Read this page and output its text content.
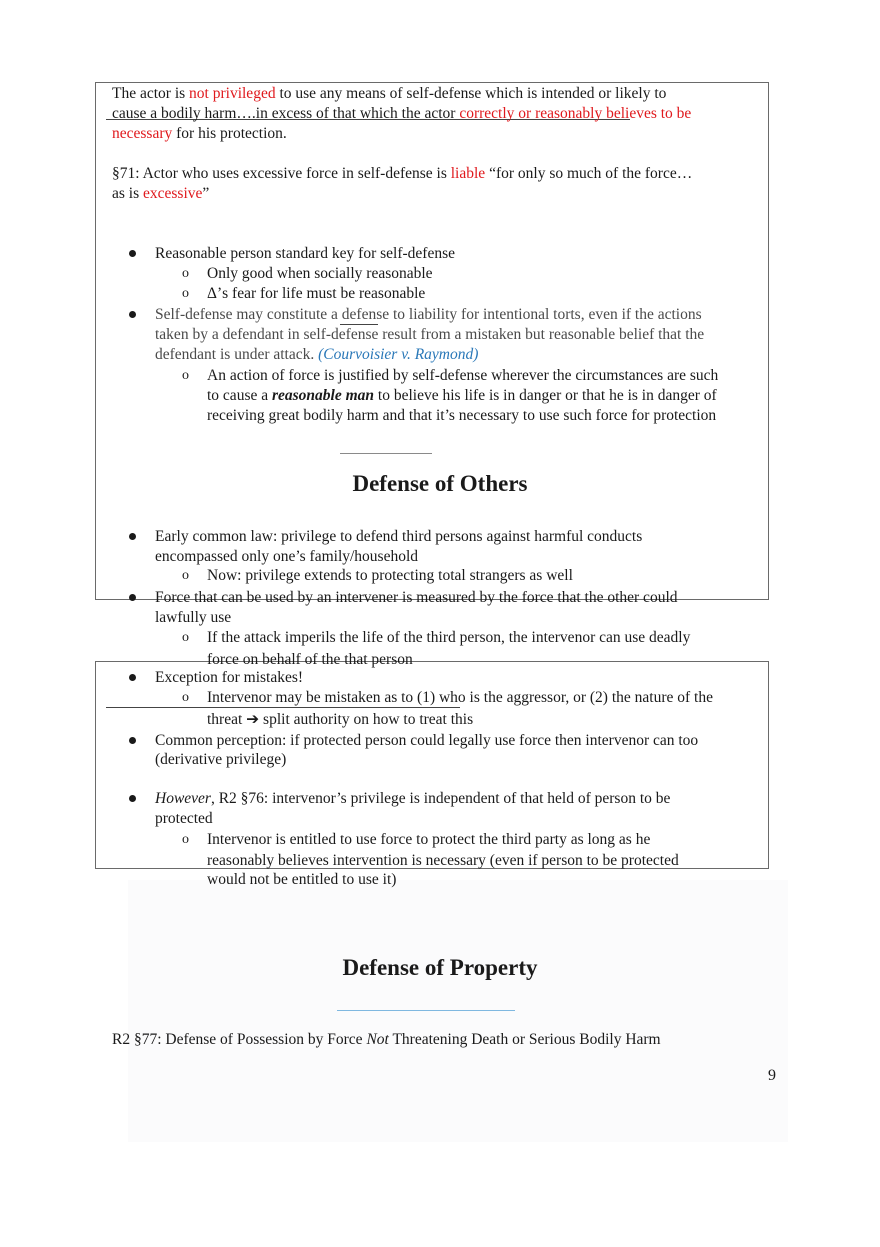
The actor is not privileged to use any means of self-defense which is intended or likely to
cause a bodily harm….in excess of that which the actor correctly or reasonably believes to be
necessary for his protection.
§71: Actor who uses excessive force in self-defense is liable “for only so much of the force…
as is excessive”
Reasonable person standard key for self-defense
o Only good when socially reasonable
o Δ’s fear for life must be reasonable
Self-defense may constitute a defense to liability for intentional torts, even if the actions
taken by a defendant in self-defense result from a mistaken but reasonable belief that the
defendant is under attack. (Courvoisier v. Raymond)
o An action of force is justified by self-defense wherever the circumstances are such
to cause a reasonable man to believe his life is in danger or that he is in danger of
receiving great bodily harm and that it’s necessary to use such force for protection
Defense of Others
Early common law: privilege to defend third persons against harmful conducts
encompassed only one’s family/household
o Now: privilege extends to protecting total strangers as well
Force that can be used by an intervener is measured by the force that the other could
lawfully use
o If the attack imperils the life of the third person, the intervenor can use deadly
force on behalf of the that person
Exception for mistakes!
o Intervenor may be mistaken as to (1) who is the aggressor, or (2) the nature of the
threat ➔ split authority on how to treat this
Common perception: if protected person could legally use force then intervenor can too
(derivative privilege)
However, R2 §76: intervenor’s privilege is independent of that held of person to be
protected
o Intervenor is entitled to use force to protect the third party as long as he
reasonably believes intervention is necessary (even if person to be protected
would not be entitled to use it)
Defense of Property
R2 §77: Defense of Possession by Force Not Threatening Death or Serious Bodily Harm
9
